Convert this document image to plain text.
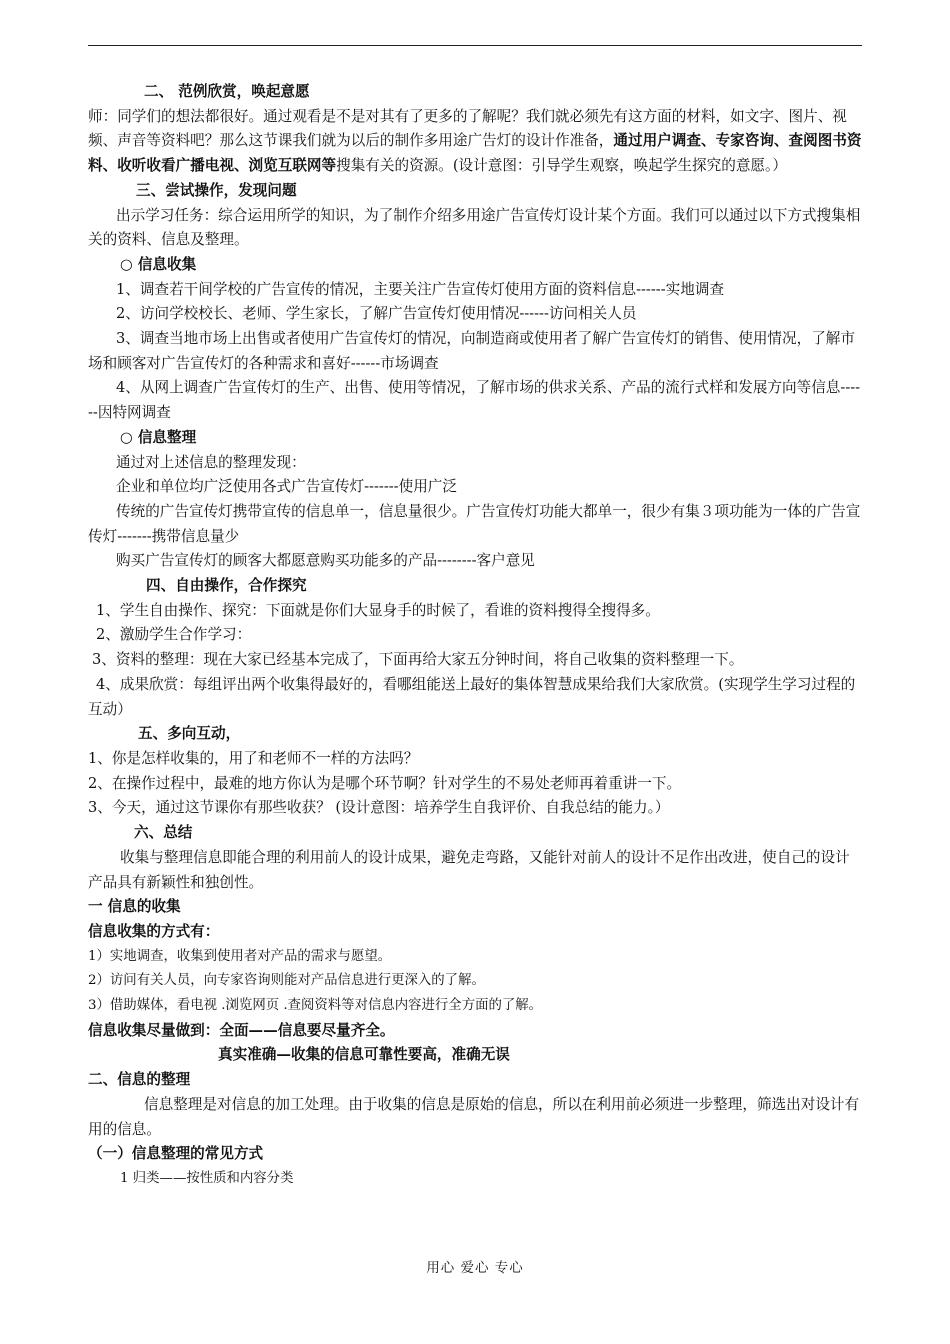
二、 范例欣赏，唤起意愿

师：同学们的想法都很好。通过观看是不是对其有了更多的了解呢？我们就必须先有这方面的材料，如文字、图片、视频、声音等资料吧？那么这节课我们就为以后的制作多用途广告灯的设计作准备，通过用户调查、专家咨询、查阅图书资料、收听收看广播电视、浏览互联网等搜集有关的资源。(设计意图：引导学生观察，唤起学生探究的意愿。）

三、尝试操作，发现问题

出示学习任务：综合运用所学的知识，为了制作介绍多用途广告宣传灯设计某个方面。我们可以通过以下方式搜集相关的资料、信息及整理。

○ 信息收集

1、调查若干间学校的广告宣传的情况，主要关注广告宣传灯使用方面的资料信息------实地调查

2、访问学校校长、老师、学生家长，了解广告宣传灯使用情况------访问相关人员

3、调查当地市场上出售或者使用广告宣传灯的情况，向制造商或使用者了解广告宣传灯的销售、使用情况，了解市场和顾客对广告宣传灯的各种需求和喜好------市场调查

4、从网上调查广告宣传灯的生产、出售、使用等情况，了解市场的供求关系、产品的流行式样和发展方向等信息------因特网调查

○ 信息整理

通过对上述信息的整理发现：

企业和单位均广泛使用各式广告宣传灯-------使用广泛

传统的广告宣传灯携带宣传的信息单一，信息量很少。广告宣传灯功能大都单一，很少有集３项功能为一体的广告宣传灯-------携带信息量少

购买广告宣传灯的顾客大都愿意购买功能多的产品--------客户意见

四、自由操作，合作探究

1、学生自由操作、探究：下面就是你们大显身手的时候了，看谁的资料搜得全搜得多。

2、激励学生合作学习：

3、资料的整理：现在大家已经基本完成了，下面再给大家五分钟时间，将自己收集的资料整理一下。

4、成果欣赏：每组评出两个收集得最好的，看哪组能送上最好的集体智慧成果给我们大家欣赏。(实现学生学习过程的互动）

五、多向互动，

1、你是怎样收集的，用了和老师不一样的方法吗？

2、在操作过程中，最难的地方你认为是哪个环节啊？针对学生的不易处老师再着重讲一下。

3、今天，通过这节课你有那些收获？ (设计意图：培养学生自我评价、自我总结的能力。）

六、总结

收集与整理信息即能合理的利用前人的设计成果，避免走弯路，又能针对前人的设计不足作出改进，使自己的设计产品具有新颖性和独创性。

一 信息的收集

信息收集的方式有：

1）实地调查，收集到使用者对产品的需求与愿望。

2）访问有关人员，向专家咨询则能对产品信息进行更深入的了解。

3）借助媒体，看电视 .浏览网页 .查阅资料等对信息内容进行全方面的了解。

信息收集尽量做到：全面——信息要尽量齐全。

真实准确—收集的信息可靠性要高，准确无误

二、信息的整理

信息整理是对信息的加工处理。由于收集的信息是原始的信息，所以在利用前必须进一步整理，筛选出对设计有用的信息。

（一）信息整理的常见方式

1 归类——按性质和内容分类

用心 爱心 专心
